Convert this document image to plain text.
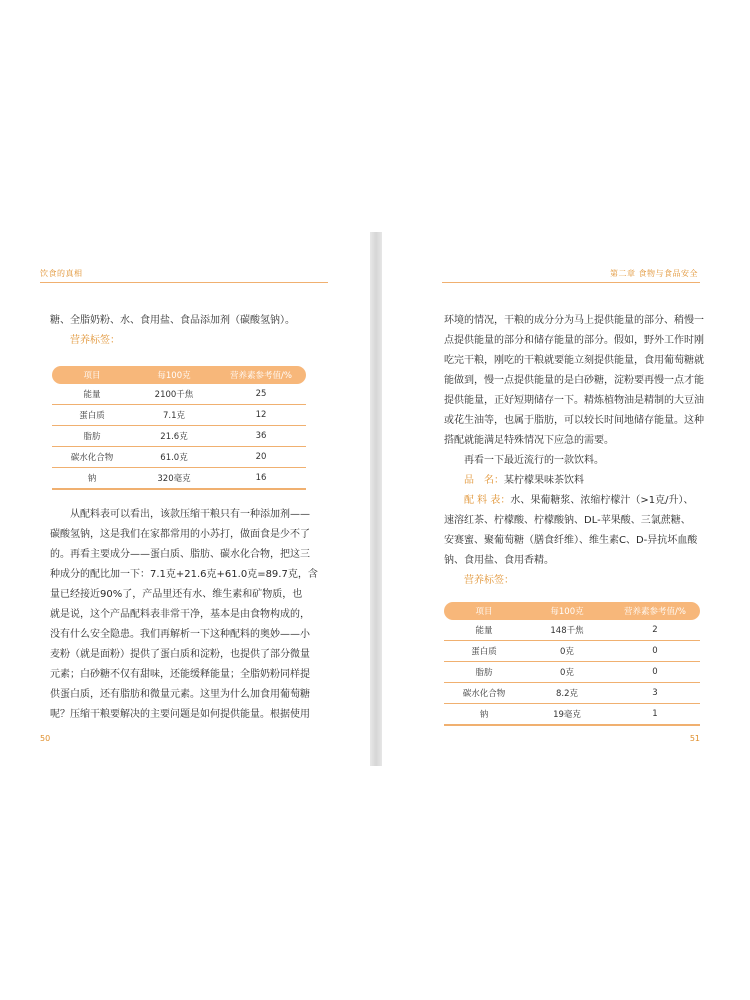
饮食的真相
糖、全脂奶粉、水、食用盐、食品添加剂（碳酸氢钠）。
营养标签：
项目	每100克	营养素参考值/%
能量	2100千焦	25
蛋白质	7.1克	12
脂肪	21.6克	36
碳水化合物	61.0克	20
钠	320毫克	16
从配料表可以看出，该款压缩干粮只有一种添加剂——
碳酸氢钠，这是我们在家都常用的小苏打，做面食是少不了
的。再看主要成分——蛋白质、脂肪、碳水化合物，把这三
种成分的配比加一下：7.1克+21.6克+61.0克=89.7克，含
量已经接近90%了，产品里还有水、维生素和矿物质，也
就是说，这个产品配料表非常干净，基本是由食物构成的，
没有什么安全隐患。我们再解析一下这种配料的奥妙——小
麦粉（就是面粉）提供了蛋白质和淀粉，也提供了部分微量
元素；白砂糖不仅有甜味，还能缓释能量；全脂奶粉同样提
供蛋白质，还有脂肪和微量元素。这里为什么加食用葡萄糖
呢？压缩干粮要解决的主要问题是如何提供能量。根据使用
50
第二章 食物与食品安全
环境的情况，干粮的成分分为马上提供能量的部分、稍慢一
点提供能量的部分和储存能量的部分。假如，野外工作时刚
吃完干粮，刚吃的干粮就要能立刻提供能量，食用葡萄糖就
能做到，慢一点提供能量的是白砂糖，淀粉要再慢一点才能
提供能量，正好短期储存一下。精炼植物油是精制的大豆油
或花生油等，也属于脂肪，可以较长时间地储存能量。这种
搭配就能满足特殊情况下应急的需要。
再看一下最近流行的一款饮料。
品　名：某柠檬果味茶饮料
配 料 表：水、果葡糖浆、浓缩柠檬汁（>1克/升）、
速溶红茶、柠檬酸、柠檬酸钠、DL-苹果酸、三氯蔗糖、
安赛蜜、聚葡萄糖（膳食纤维）、维生素C、D-异抗坏血酸
钠、食用盐、食用香精。
营养标签：
项目	每100克	营养素参考值/%
能量	148千焦	2
蛋白质	0克	0
脂肪	0克	0
碳水化合物	8.2克	3
钠	19毫克	1
51
